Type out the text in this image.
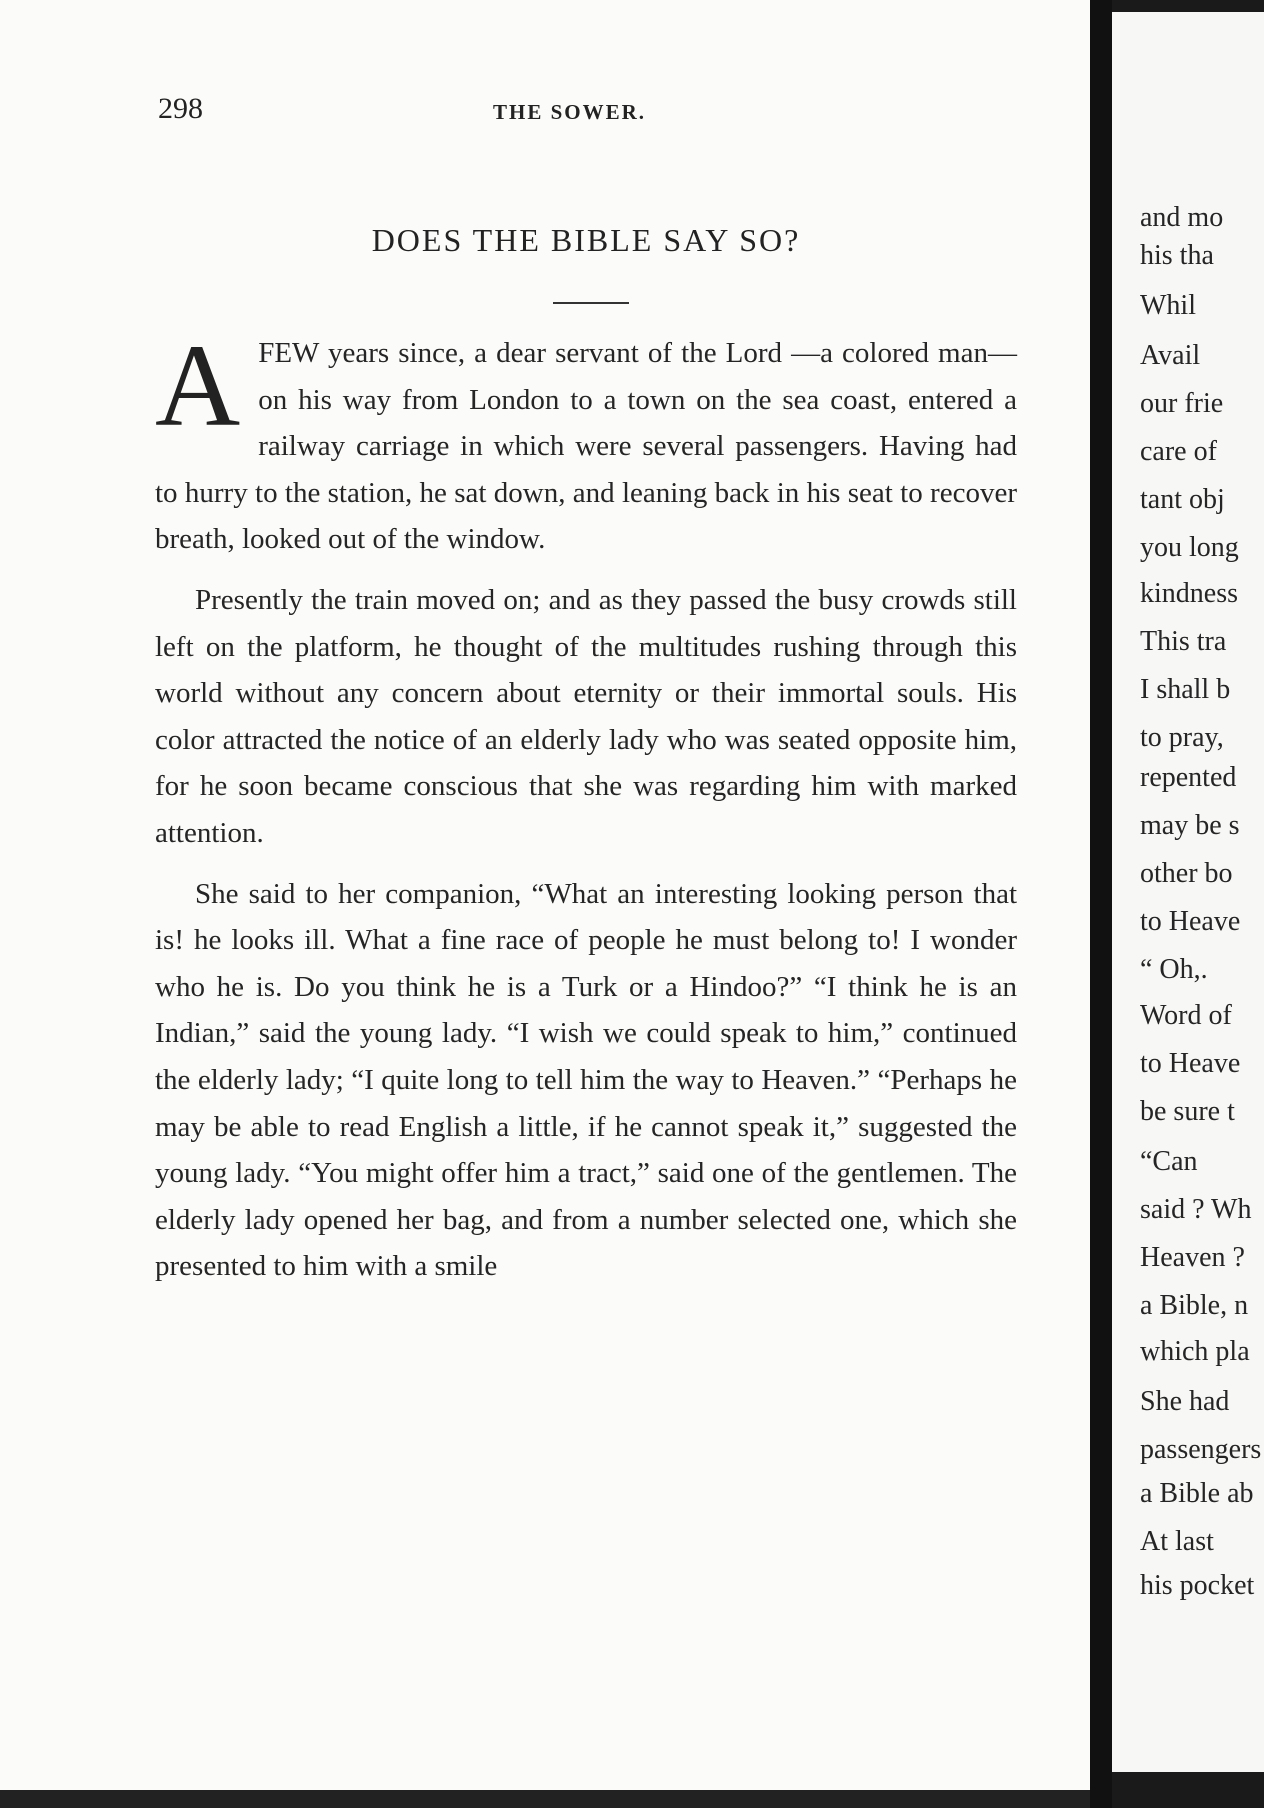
298	THE SOWER.
DOES THE BIBLE SAY SO?

AFEW years since, a dear servant of the Lord —a colored man—on his way from London to a town on the sea coast, entered a railway carriage in which were several passengers. Having had to hurry to the station, he sat down, and leaning back in his seat to recover breath, looked out of the window.

Presently the train moved on; and as they passed the busy crowds still left on the platform, he thought of the multitudes rushing through this world without any concern about eternity or their immortal souls. His color attracted the notice of an elderly lady who was seated opposite him, for he soon became conscious that she was regarding him with marked attention.

She said to her companion, “What an interesting looking person that is! he looks ill. What a fine race of people he must belong to! I wonder who he is. Do you think he is a Turk or a Hindoo?” “I think he is an Indian,” said the young lady. “I wish we could speak to him,” continued the elderly lady; “I quite long to tell him the way to Heaven.” “Perhaps he may be able to read English a little, if he cannot speak it,” suggested the young lady. “You might offer him a tract,” said one of the gentlemen. The elderly lady opened her bag, and from a number selected one, which she presented to him with a smile

and mo
his tha
Whil
Avail
our frie
care of
tant obj
you long
kindness
This tra
I shall b
to pray,
repented
may be s
other bo
to Heave
“ Oh,.
Word of
to Heave
be sure t
“Can
said ? Wh
Heaven ?
a Bible, n
which pla
She had
passengers
a Bible ab
At last
his pocket
